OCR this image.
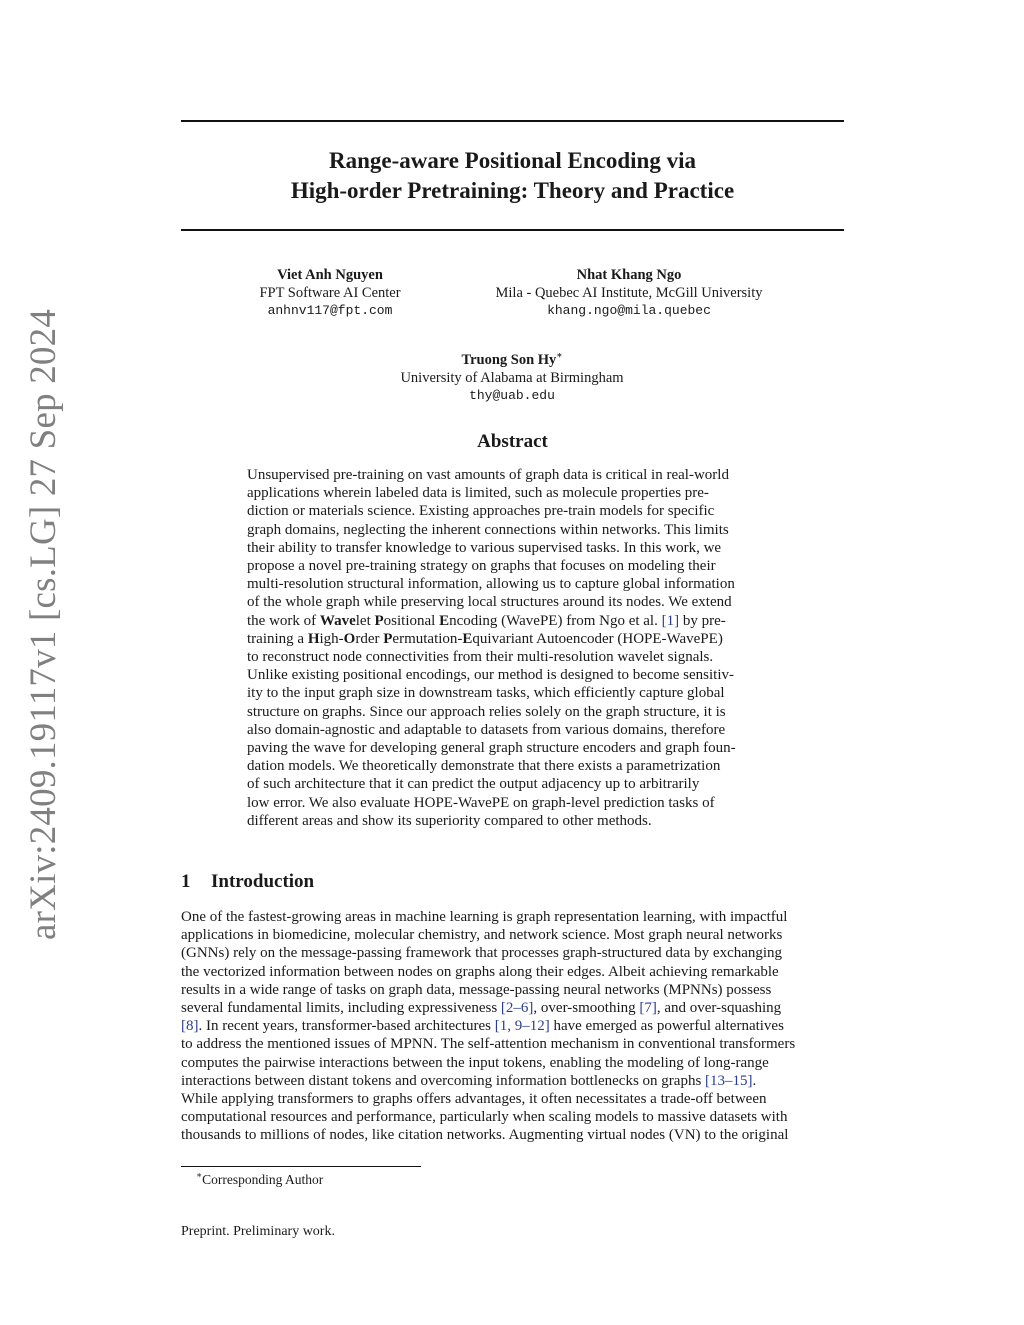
arXiv:2409.19117v1 [cs.LG] 27 Sep 2024
Range-aware Positional Encoding via
High-order Pretraining: Theory and Practice
Viet Anh Nguyen
FPT Software AI Center
anhnv117@fpt.com
Nhat Khang Ngo
Mila - Quebec AI Institute, McGill University
khang.ngo@mila.quebec
Truong Son Hy∗
University of Alabama at Birmingham
thy@uab.edu
Abstract
Unsupervised pre-training on vast amounts of graph data is critical in real-world
applications wherein labeled data is limited, such as molecule properties pre-
diction or materials science. Existing approaches pre-train models for specific
graph domains, neglecting the inherent connections within networks. This limits
their ability to transfer knowledge to various supervised tasks. In this work, we
propose a novel pre-training strategy on graphs that focuses on modeling their
multi-resolution structural information, allowing us to capture global information
of the whole graph while preserving local structures around its nodes. We extend
the work of Wavelet Positional Encoding (WavePE) from Ngo et al. [1] by pre-
training a High-Order Permutation-Equivariant Autoencoder (HOPE-WavePE)
to reconstruct node connectivities from their multi-resolution wavelet signals.
Unlike existing positional encodings, our method is designed to become sensitiv-
ity to the input graph size in downstream tasks, which efficiently capture global
structure on graphs. Since our approach relies solely on the graph structure, it is
also domain-agnostic and adaptable to datasets from various domains, therefore
paving the wave for developing general graph structure encoders and graph foun-
dation models. We theoretically demonstrate that there exists a parametrization
of such architecture that it can predict the output adjacency up to arbitrarily
low error. We also evaluate HOPE-WavePE on graph-level prediction tasks of
different areas and show its superiority compared to other methods.
1 Introduction
One of the fastest-growing areas in machine learning is graph representation learning, with impactful
applications in biomedicine, molecular chemistry, and network science. Most graph neural networks
(GNNs) rely on the message-passing framework that processes graph-structured data by exchanging
the vectorized information between nodes on graphs along their edges. Albeit achieving remarkable
results in a wide range of tasks on graph data, message-passing neural networks (MPNNs) possess
several fundamental limits, including expressiveness [2–6], over-smoothing [7], and over-squashing
[8]. In recent years, transformer-based architectures [1, 9–12] have emerged as powerful alternatives
to address the mentioned issues of MPNN. The self-attention mechanism in conventional transformers
computes the pairwise interactions between the input tokens, enabling the modeling of long-range
interactions between distant tokens and overcoming information bottlenecks on graphs [13–15].
While applying transformers to graphs offers advantages, it often necessitates a trade-off between
computational resources and performance, particularly when scaling models to massive datasets with
thousands to millions of nodes, like citation networks. Augmenting virtual nodes (VN) to the original
∗Corresponding Author
Preprint. Preliminary work.
